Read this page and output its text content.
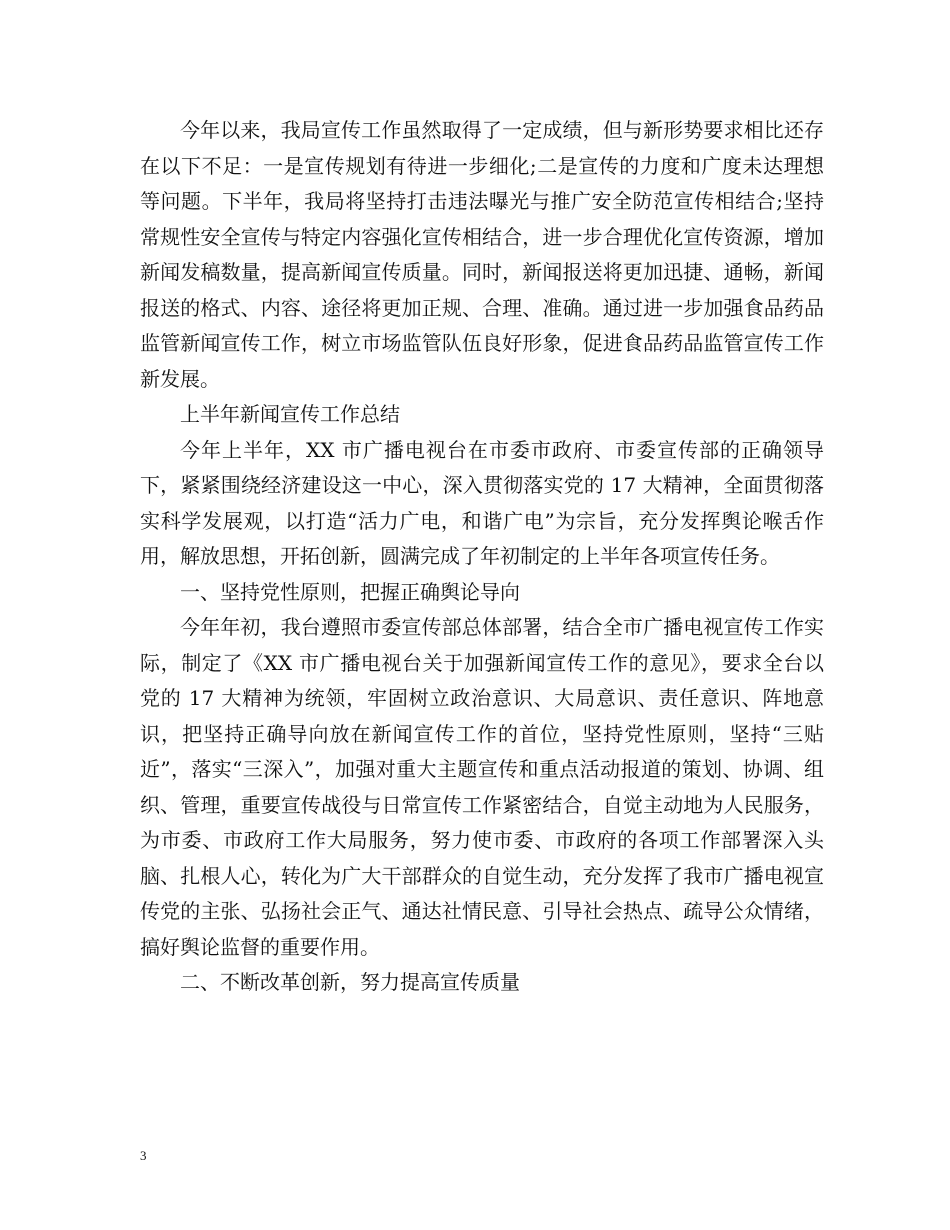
今年以来，我局宣传工作虽然取得了一定成绩，但与新形势要求相比还存在以下不足：一是宣传规划有待进一步细化;二是宣传的力度和广度未达理想等问题。下半年，我局将坚持打击违法曝光与推广安全防范宣传相结合;坚持常规性安全宣传与特定内容强化宣传相结合，进一步合理优化宣传资源，增加新闻发稿数量，提高新闻宣传质量。同时，新闻报送将更加迅捷、通畅，新闻报送的格式、内容、途径将更加正规、合理、准确。通过进一步加强食品药品监管新闻宣传工作，树立市场监管队伍良好形象，促进食品药品监管宣传工作新发展。

上半年新闻宣传工作总结

今年上半年，XX 市广播电视台在市委市政府、市委宣传部的正确领导下，紧紧围绕经济建设这一中心，深入贯彻落实党的 17 大精神，全面贯彻落实科学发展观，以打造“活力广电，和谐广电”为宗旨，充分发挥舆论喉舌作用，解放思想，开拓创新，圆满完成了年初制定的上半年各项宣传任务。

一、坚持党性原则，把握正确舆论导向

今年年初，我台遵照市委宣传部总体部署，结合全市广播电视宣传工作实际，制定了《XX 市广播电视台关于加强新闻宣传工作的意见》，要求全台以党的 17 大精神为统领，牢固树立政治意识、大局意识、责任意识、阵地意识，把坚持正确导向放在新闻宣传工作的首位，坚持党性原则，坚持“三贴近”，落实“三深入”，加强对重大主题宣传和重点活动报道的策划、协调、组织、管理，重要宣传战役与日常宣传工作紧密结合，自觉主动地为人民服务，为市委、市政府工作大局服务，努力使市委、市政府的各项工作部署深入头脑、扎根人心，转化为广大干部群众的自觉生动，充分发挥了我市广播电视宣传党的主张、弘扬社会正气、通达社情民意、引导社会热点、疏导公众情绪，搞好舆论监督的重要作用。

二、不断改革创新，努力提高宣传质量

3
